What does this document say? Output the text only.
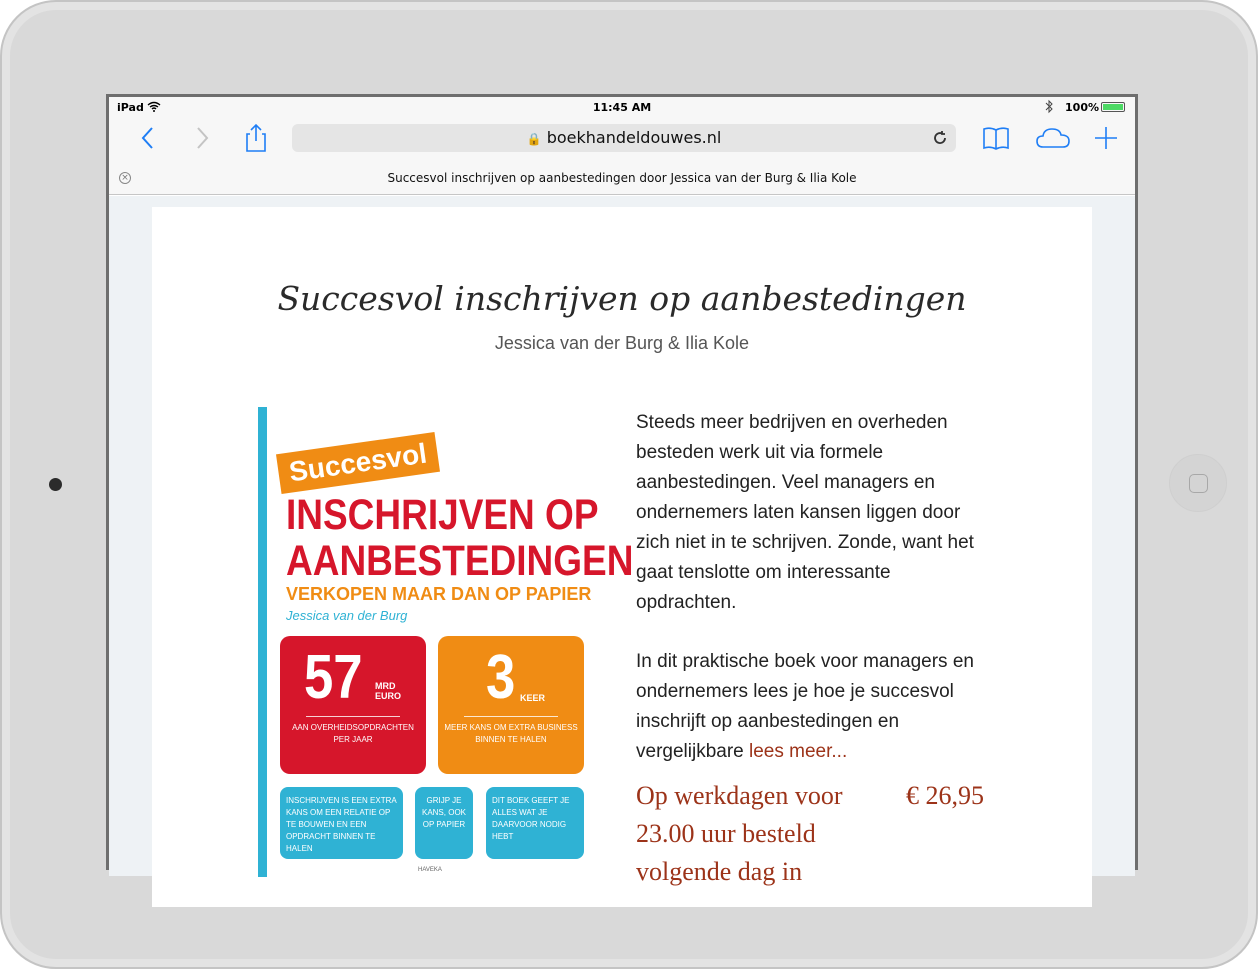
iPad	11:45 AM	100%
🔒 boekhandeldouwes.nl
×	Succesvol inschrijven op aanbestedingen door Jessica van der Burg & Ilia Kole
Succesvol inschrijven op aanbestedingen
Jessica van der Burg & Ilia Kole
Succesvol
INSCHRIJVEN OP
AANBESTEDINGEN
VERKOPEN MAAR DAN OP PAPIER
Jessica van der Burg
57 MRD EURO
AAN OVERHEIDSOPDRACHTEN PER JAAR
3 KEER
MEER KANS OM EXTRA BUSINESS BINNEN TE HALEN
INSCHRIJVEN IS EEN EXTRA KANS OM EEN RELATIE OP TE BOUWEN EN EEN OPDRACHT BINNEN TE HALEN
GRIJP JE KANS, OOK OP PAPIER
DIT BOEK GEEFT JE ALLES WAT JE DAARVOOR NODIG HEBT
HAVEKA

Steeds meer bedrijven en overheden besteden werk uit via formele aanbestedingen. Veel managers en ondernemers laten kansen liggen door zich niet in te schrijven. Zonde, want het gaat tenslotte om interessante opdrachten.

In dit praktische boek voor managers en ondernemers lees je hoe je succesvol inschrijft op aanbestedingen en vergelijkbare lees meer...

Op werkdagen voor 23.00 uur besteld volgende dag in
€ 26,95
